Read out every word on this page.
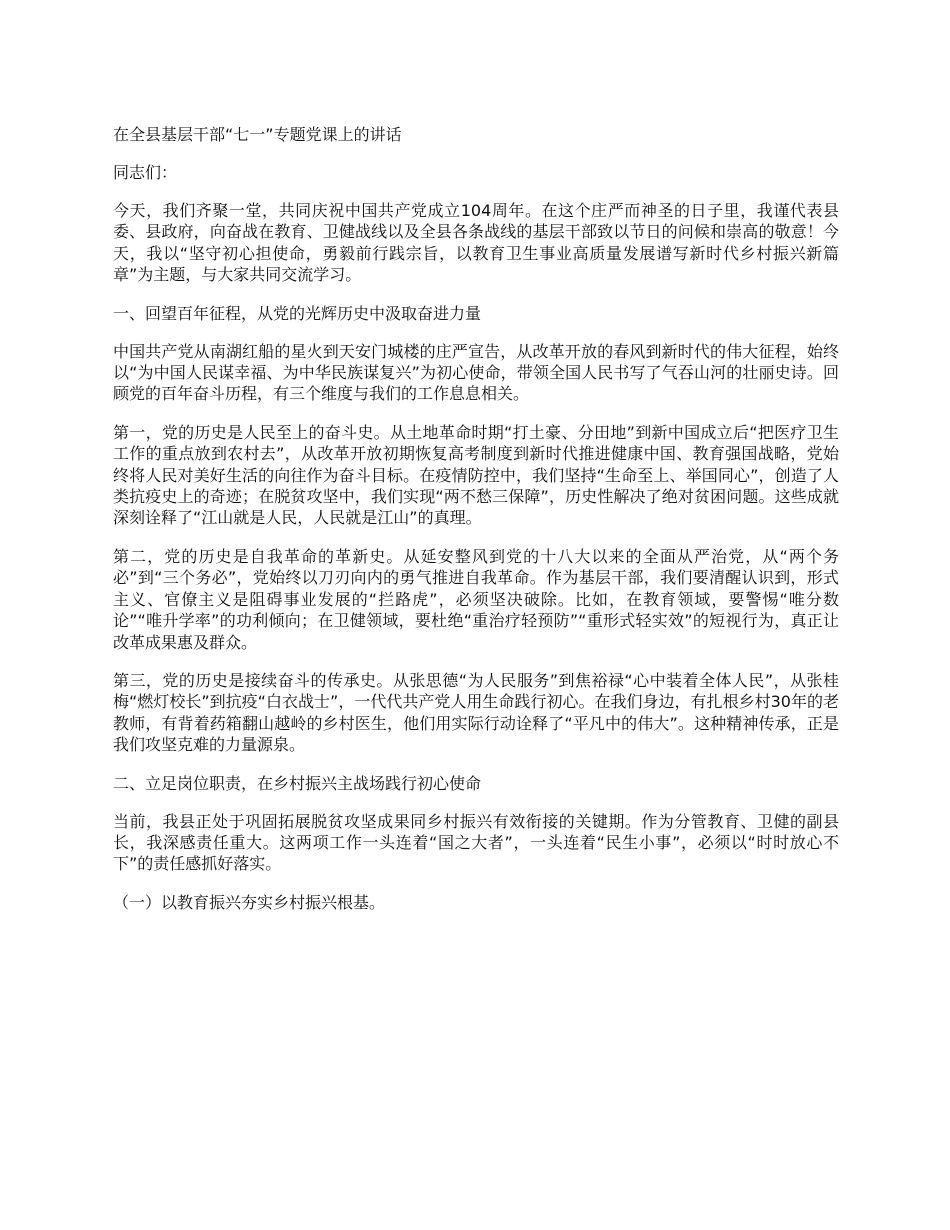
在全县基层干部“七一”专题党课上的讲话

同志们：

今天，我们齐聚一堂，共同庆祝中国共产党成立104周年。在这个庄严而神圣的日子里，我谨代表县委、县政府，向奋战在教育、卫健战线以及全县各条战线的基层干部致以节日的问候和崇高的敬意！今天，我以“坚守初心担使命，勇毅前行践宗旨，以教育卫生事业高质量发展谱写新时代乡村振兴新篇章”为主题，与大家共同交流学习。

一、回望百年征程，从党的光辉历史中汲取奋进力量

中国共产党从南湖红船的星火到天安门城楼的庄严宣告，从改革开放的春风到新时代的伟大征程，始终以“为中国人民谋幸福、为中华民族谋复兴”为初心使命，带领全国人民书写了气吞山河的壮丽史诗。回顾党的百年奋斗历程，有三个维度与我们的工作息息相关。

第一，党的历史是人民至上的奋斗史。从土地革命时期“打土豪、分田地”到新中国成立后“把医疗卫生工作的重点放到农村去”，从改革开放初期恢复高考制度到新时代推进健康中国、教育强国战略，党始终将人民对美好生活的向往作为奋斗目标。在疫情防控中，我们坚持“生命至上、举国同心”，创造了人类抗疫史上的奇迹；在脱贫攻坚中，我们实现“两不愁三保障”，历史性解决了绝对贫困问题。这些成就深刻诠释了“江山就是人民，人民就是江山”的真理。

第二，党的历史是自我革命的革新史。从延安整风到党的十八大以来的全面从严治党，从“两个务必”到“三个务必”，党始终以刀刃向内的勇气推进自我革命。作为基层干部，我们要清醒认识到，形式主义、官僚主义是阻碍事业发展的“拦路虎”，必须坚决破除。比如，在教育领域，要警惕“唯分数论”“唯升学率”的功利倾向；在卫健领域，要杜绝“重治疗轻预防”“重形式轻实效”的短视行为，真正让改革成果惠及群众。

第三，党的历史是接续奋斗的传承史。从张思德“为人民服务”到焦裕禄“心中装着全体人民”，从张桂梅“燃灯校长”到抗疫“白衣战士”，一代代共产党人用生命践行初心。在我们身边，有扎根乡村30年的老教师，有背着药箱翻山越岭的乡村医生，他们用实际行动诠释了“平凡中的伟大”。这种精神传承，正是我们攻坚克难的力量源泉。

二、立足岗位职责，在乡村振兴主战场践行初心使命

当前，我县正处于巩固拓展脱贫攻坚成果同乡村振兴有效衔接的关键期。作为分管教育、卫健的副县长，我深感责任重大。这两项工作一头连着“国之大者”，一头连着“民生小事”，必须以“时时放心不下”的责任感抓好落实。

（一）以教育振兴夯实乡村振兴根基。
